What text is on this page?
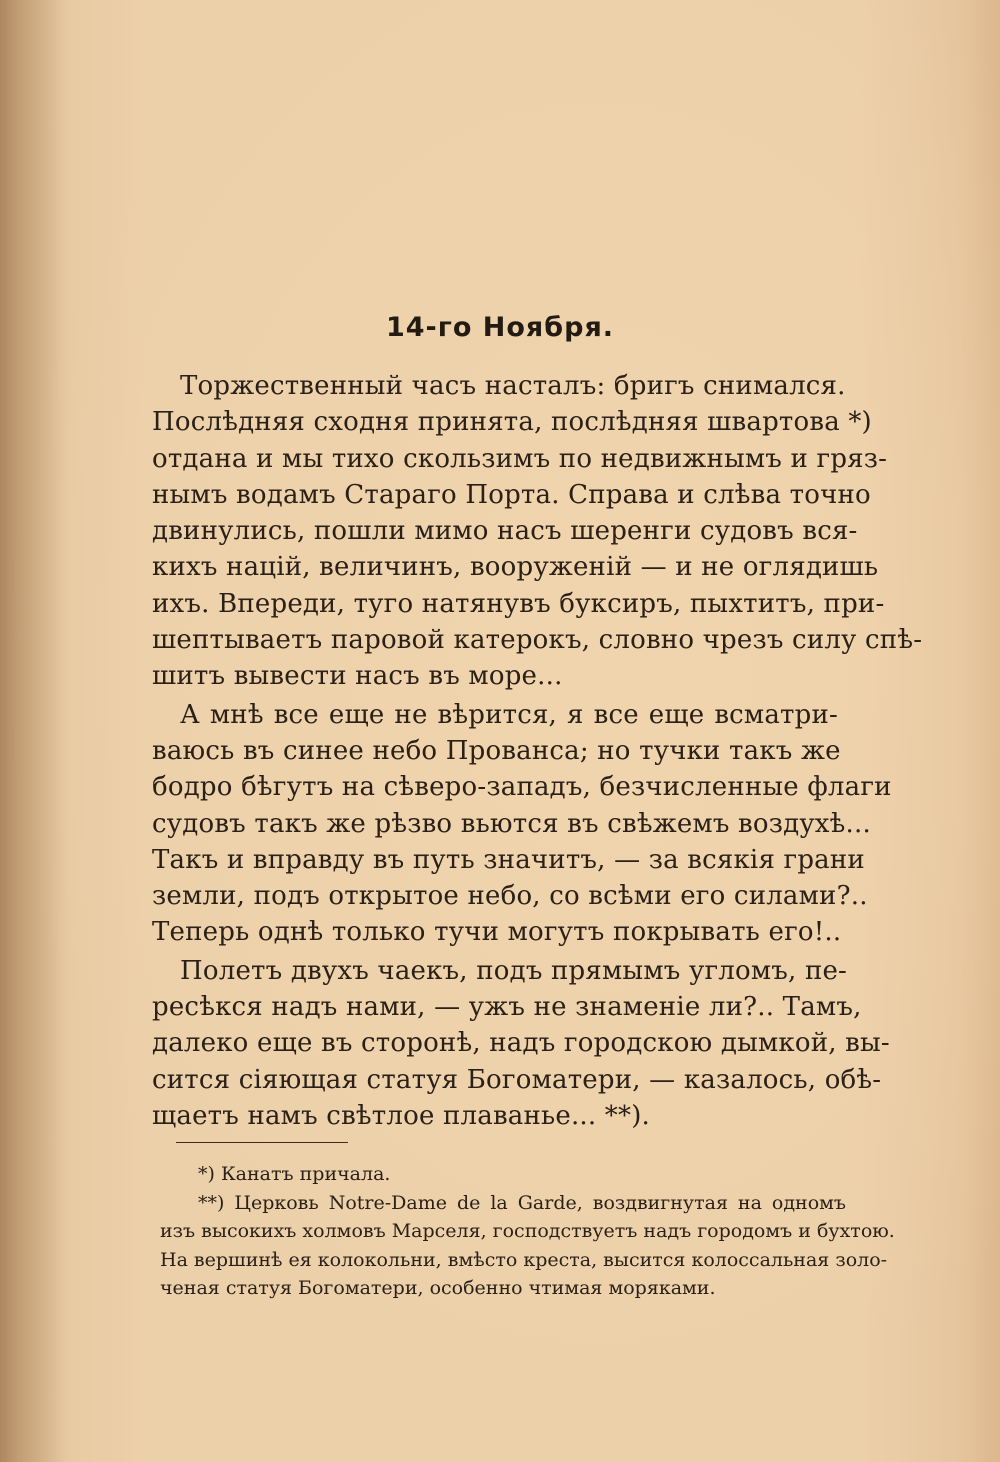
14-го Ноября.
Торжественный часъ насталъ: бригъ снимался.
Послѣдняя сходня принята, послѣдняя швартова *)
отдана и мы тихо скользимъ по недвижнымъ и гряз-
нымъ водамъ Стараго Порта. Справа и слѣва точно
двинулись, пошли мимо насъ шеренги судовъ вся-
кихъ націй, величинъ, вооруженій — и не оглядишь
ихъ. Впереди, туго натянувъ буксиръ, пыхтитъ, при-
шептываетъ паровой катерокъ, словно чрезъ силу спѣ-
шитъ вывести насъ въ море...
А мнѣ все еще не вѣрится, я все еще всматри-
ваюсь въ синее небо Прованса; но тучки такъ же
бодро бѣгутъ на сѣверо-западъ, безчисленные флаги
судовъ такъ же рѣзво вьются въ свѣжемъ воздухѣ...
Такъ и вправду въ путь значитъ, — за всякія грани
земли, подъ открытое небо, со всѣми его силами?..
Теперь однѣ только тучи могутъ покрывать его!..
Полетъ двухъ чаекъ, подъ прямымъ угломъ, пе-
ресѣкся надъ нами, — ужъ не знаменіе ли?.. Тамъ,
далеко еще въ сторонѣ, надъ городскою дымкой, вы-
сится сіяющая статуя Богоматери, — казалось, обѣ-
щаетъ намъ свѣтлое плаванье... **).
*) Канатъ причала.
**) Церковь Notre-Dame de la Garde, воздвигнутая на одномъ
изъ высокихъ холмовъ Марселя, господствуетъ надъ городомъ и бухтою.
На вершинѣ ея колокольни, вмѣсто креста, высится колоссальная золо-
ченая статуя Богоматери, особенно чтимая моряками.
